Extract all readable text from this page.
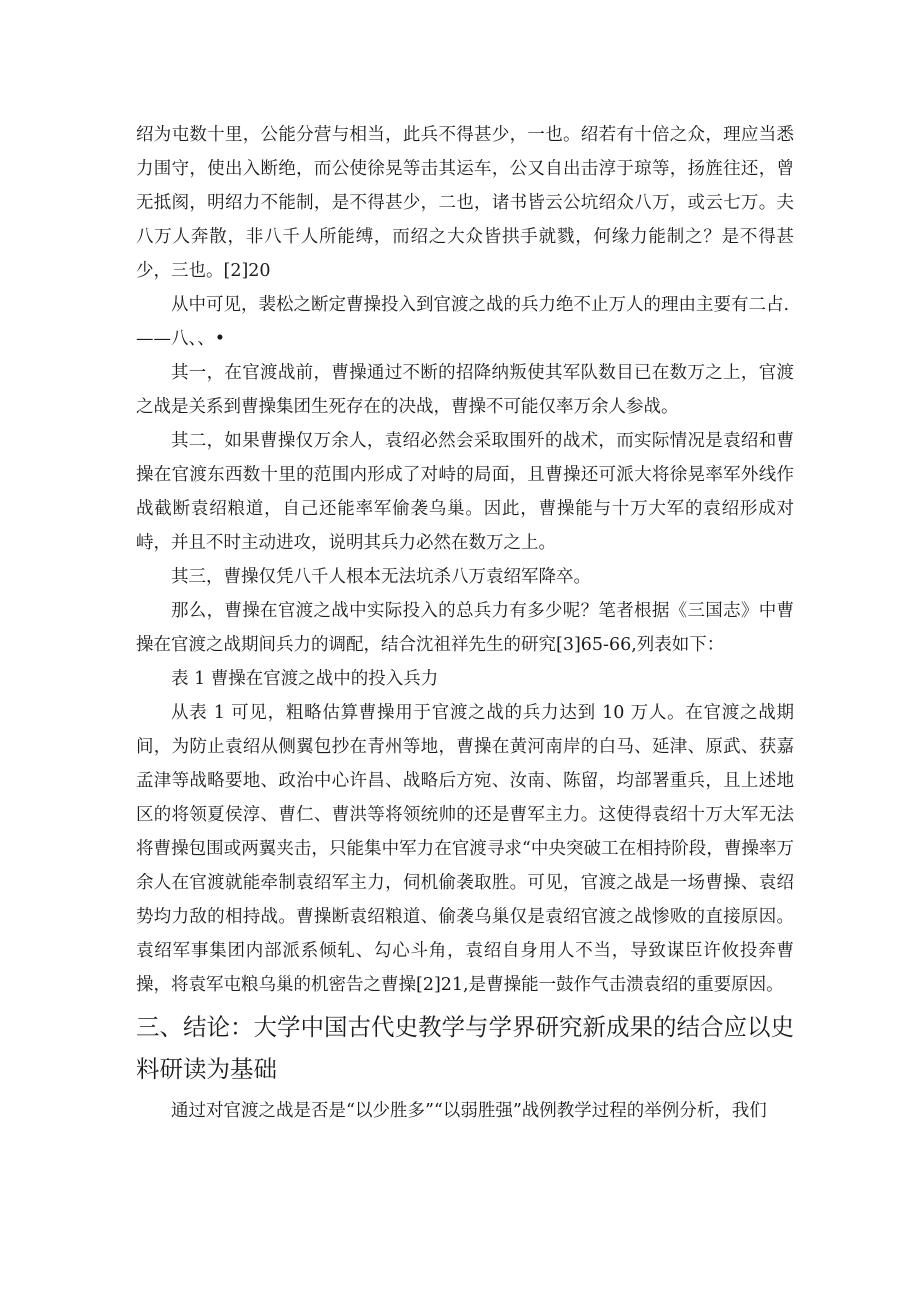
绍为屯数十里，公能分营与相当，此兵不得甚少，一也。绍若有十倍之众，理应当悉力围守，使出入断绝，而公使徐晃等击其运车，公又自出击淳于琼等，扬旌往还，曾无抵阂，明绍力不能制，是不得甚少，二也，诸书皆云公坑绍众八万，或云七万。夫八万人奔散，非八千人所能缚，而绍之大众皆拱手就戮，何缘力能制之？是不得甚少，三也。[2]20

从中可见，裴松之断定曹操投入到官渡之战的兵力绝不止万人的理由主要有二占.

——八、、•

其一，在官渡战前，曹操通过不断的招降纳叛使其军队数目已在数万之上，官渡之战是关系到曹操集团生死存在的决战，曹操不可能仅率万余人参战。

其二，如果曹操仅万余人，袁绍必然会采取围歼的战术，而实际情况是袁绍和曹操在官渡东西数十里的范围内形成了对峙的局面，且曹操还可派大将徐晃率军外线作战截断袁绍粮道，自己还能率军偷袭乌巢。因此，曹操能与十万大军的袁绍形成对峙，并且不时主动进攻，说明其兵力必然在数万之上。

其三，曹操仅凭八千人根本无法坑杀八万袁绍军降卒。

那么，曹操在官渡之战中实际投入的总兵力有多少呢？笔者根据《三国志》中曹操在官渡之战期间兵力的调配，结合沈祖祥先生的研究[3]65-66,列表如下：

表 1 曹操在官渡之战中的投入兵力

从表 1 可见，粗略估算曹操用于官渡之战的兵力达到 10 万人。在官渡之战期间，为防止袁绍从侧翼包抄在青州等地，曹操在黄河南岸的白马、延津、原武、获嘉孟津等战略要地、政治中心许昌、战略后方宛、汝南、陈留，均部署重兵，且上述地区的将领夏侯淳、曹仁、曹洪等将领统帅的还是曹军主力。这使得袁绍十万大军无法将曹操包围或两翼夹击，只能集中军力在官渡寻求“中央突破工在相持阶段，曹操率万余人在官渡就能牵制袁绍军主力，伺机偷袭取胜。可见，官渡之战是一场曹操、袁绍势均力敌的相持战。曹操断袁绍粮道、偷袭乌巢仅是袁绍官渡之战惨败的直接原因。袁绍军事集团内部派系倾轧、勾心斗角，袁绍自身用人不当，导致谋臣许攸投奔曹操，将袁军屯粮乌巢的机密告之曹操[2]21,是曹操能一鼓作气击溃袁绍的重要原因。

三、结论：大学中国古代史教学与学界研究新成果的结合应以史料研读为基础

通过对官渡之战是否是“以少胜多”“以弱胜强”战例教学过程的举例分析，我们
